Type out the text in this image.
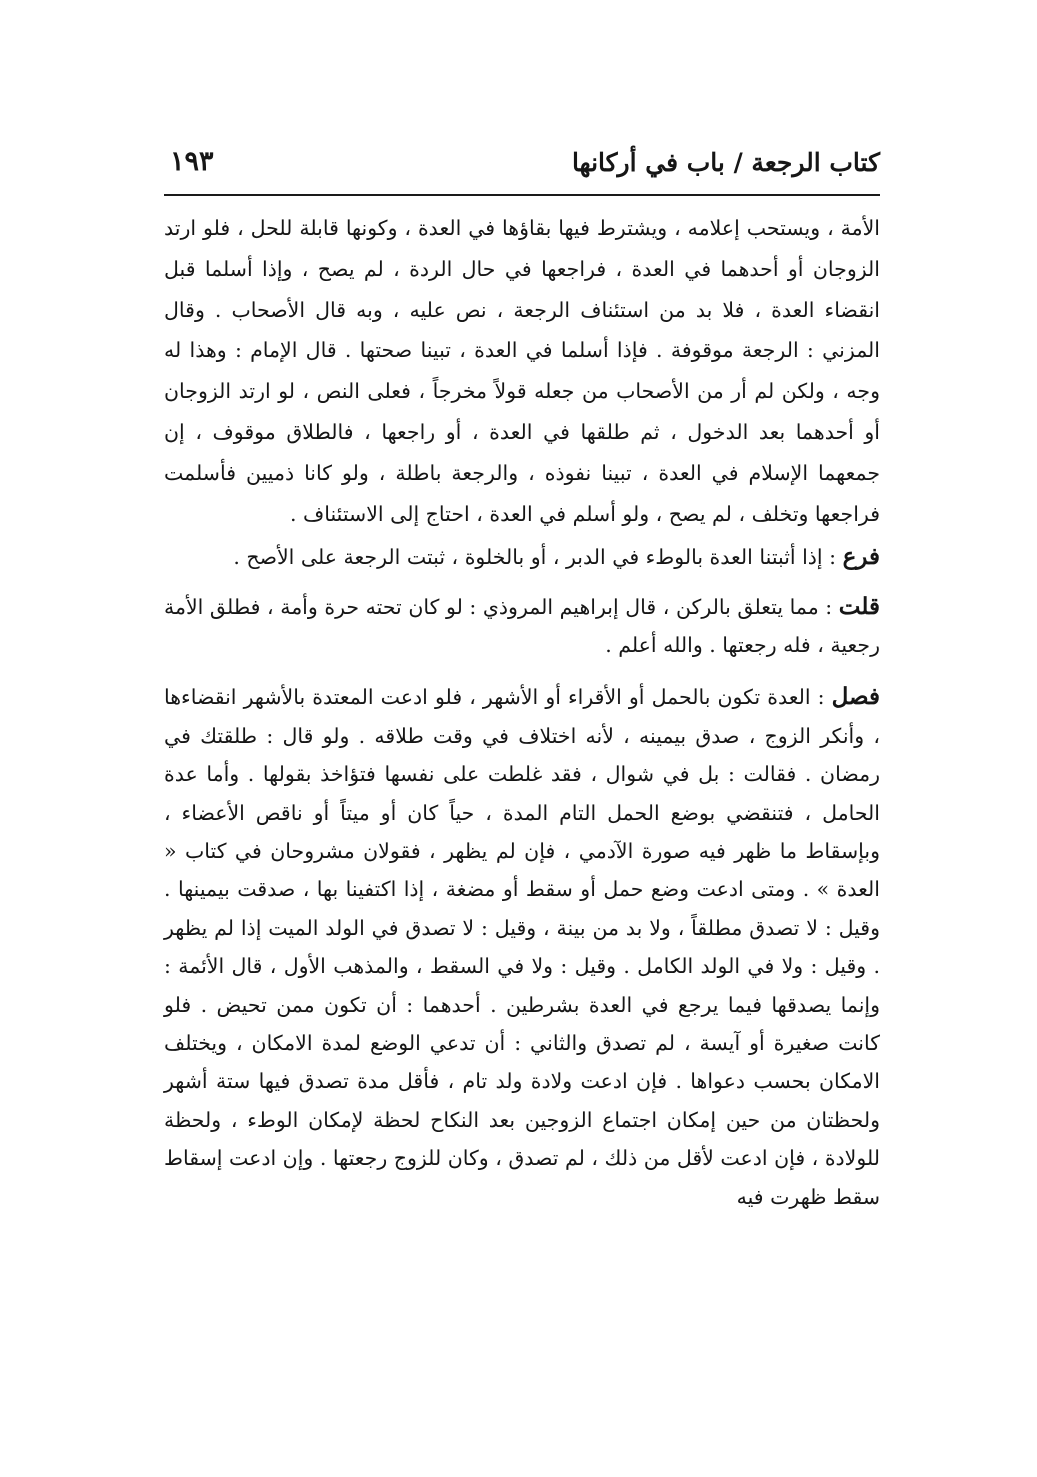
كتاب الرجعة / باب في أركانها
١٩٣

الأمة ، ويستحب إعلامه ، ويشترط فيها بقاؤها في العدة ، وكونها قابلة للحل ، فلو ارتد الزوجان أو أحدهما في العدة ، فراجعها في حال الردة ، لم يصح ، وإذا أسلما قبل انقضاء العدة ، فلا بد من استئناف الرجعة ، نص عليه ، وبه قال الأصحاب . وقال المزني : الرجعة موقوفة . فإذا أسلما في العدة ، تبينا صحتها . قال الإمام : وهذا له وجه ، ولكن لم أر من الأصحاب من جعله قولاً مخرجاً ، فعلى النص ، لو ارتد الزوجان أو أحدهما بعد الدخول ، ثم طلقها في العدة ، أو راجعها ، فالطلاق موقوف ، إن جمعهما الإسلام في العدة ، تبينا نفوذه ، والرجعة باطلة ، ولو كانا ذميين فأسلمت فراجعها وتخلف ، لم يصح ، ولو أسلم في العدة ، احتاج إلى الاستئناف .

فرع : إذا أثبتنا العدة بالوطء في الدبر ، أو بالخلوة ، ثبتت الرجعة على الأصح .

قلت : مما يتعلق بالركن ، قال إبراهيم المروذي : لو كان تحته حرة وأمة ، فطلق الأمة رجعية ، فله رجعتها . والله أعلم .

فصل : العدة تكون بالحمل أو الأقراء أو الأشهر ، فلو ادعت المعتدة بالأشهر انقضاءها ، وأنكر الزوج ، صدق بيمينه ، لأنه اختلاف في وقت طلاقه . ولو قال : طلقتك في رمضان . فقالت : بل في شوال ، فقد غلطت على نفسها فتؤاخذ بقولها . وأما عدة الحامل ، فتنقضي بوضع الحمل التام المدة ، حياً كان أو ميتاً أو ناقص الأعضاء ، وبإسقاط ما ظهر فيه صورة الآدمي ، فإن لم يظهر ، فقولان مشروحان في كتاب « العدة » . ومتى ادعت وضع حمل أو سقط أو مضغة ، إذا اكتفينا بها ، صدقت بيمينها . وقيل : لا تصدق مطلقاً ، ولا بد من بينة ، وقيل : لا تصدق في الولد الميت إذا لم يظهر . وقيل : ولا في الولد الكامل . وقيل : ولا في السقط ، والمذهب الأول ، قال الأئمة : وإنما يصدقها فيما يرجع في العدة بشرطين . أحدهما : أن تكون ممن تحيض . فلو كانت صغيرة أو آيسة ، لم تصدق والثاني : أن تدعي الوضع لمدة الامكان ، ويختلف الامكان بحسب دعواها . فإن ادعت ولادة ولد تام ، فأقل مدة تصدق فيها ستة أشهر ولحظتان من حين إمكان اجتماع الزوجين بعد النكاح لحظة لإمكان الوطء ، ولحظة للولادة ، فإن ادعت لأقل من ذلك ، لم تصدق ، وكان للزوج رجعتها . وإن ادعت إسقاط سقط ظهرت فيه
